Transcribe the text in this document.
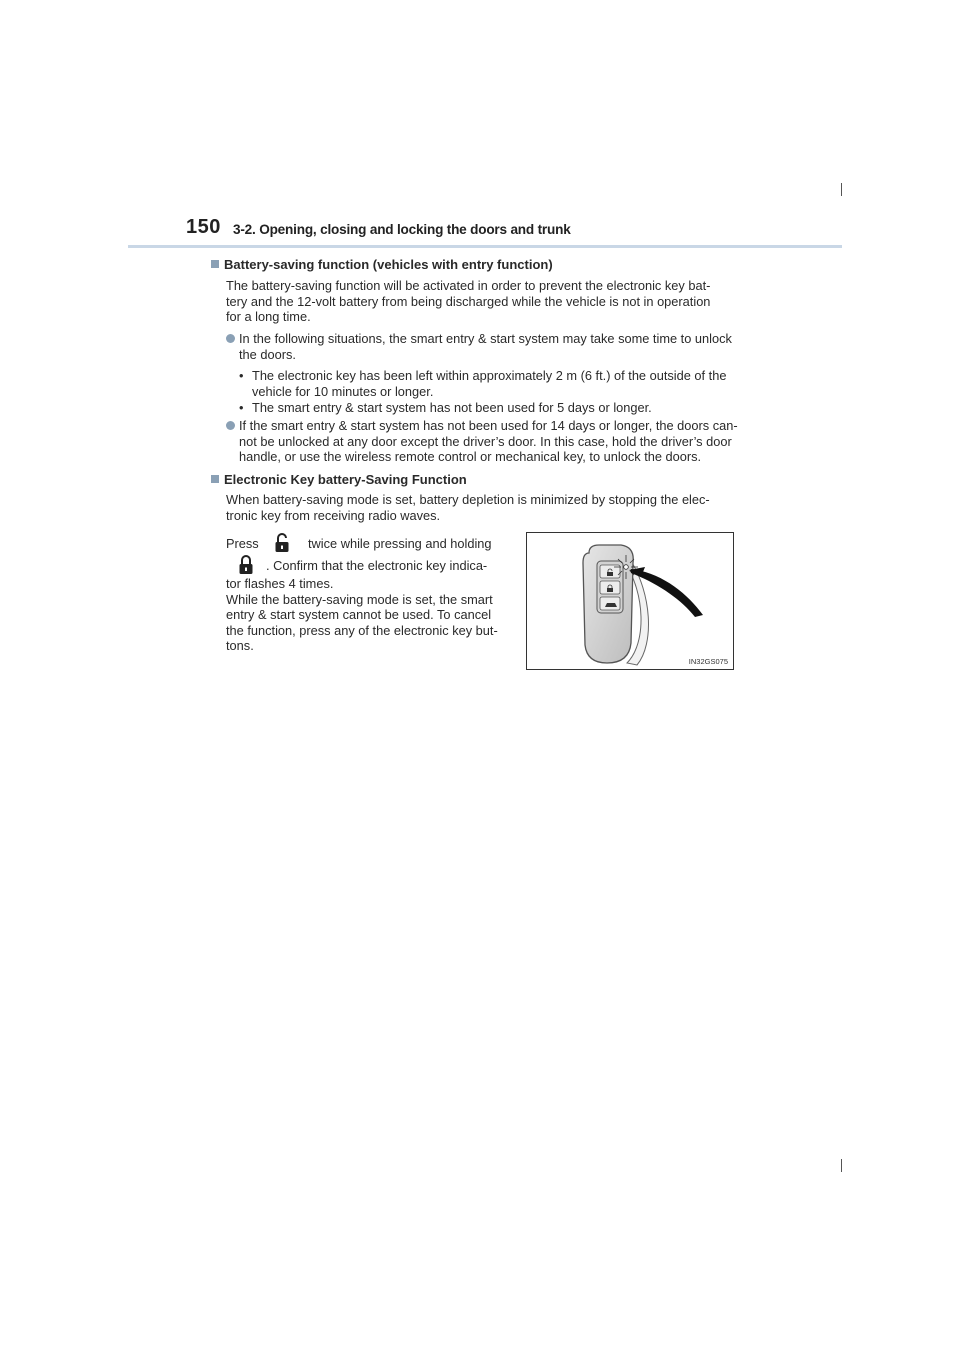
150 3-2. Opening, closing and locking the doors and trunk
Battery-saving function (vehicles with entry function)
The battery-saving function will be activated in order to prevent the electronic key bat-
tery and the 12-volt battery from being discharged while the vehicle is not in operation
for a long time.
In the following situations, the smart entry & start system may take some time to unlock
the doors.
• The electronic key has been left within approximately 2 m (6 ft.) of the outside of the
vehicle for 10 minutes or longer.
• The smart entry & start system has not been used for 5 days or longer.
If the smart entry & start system has not been used for 14 days or longer, the doors can-
not be unlocked at any door except the driver’s door. In this case, hold the driver’s door
handle, or use the wireless remote control or mechanical key, to unlock the doors.
Electronic Key battery-Saving Function
When battery-saving mode is set, battery depletion is minimized by stopping the elec-
tronic key from receiving radio waves.
Press	twice while pressing and holding
. Confirm that the electronic key indica-
tor flashes 4 times.
While the battery-saving mode is set, the smart
entry & start system cannot be used. To cancel
the function, press any of the electronic key but-
tons.
IN32GS075
